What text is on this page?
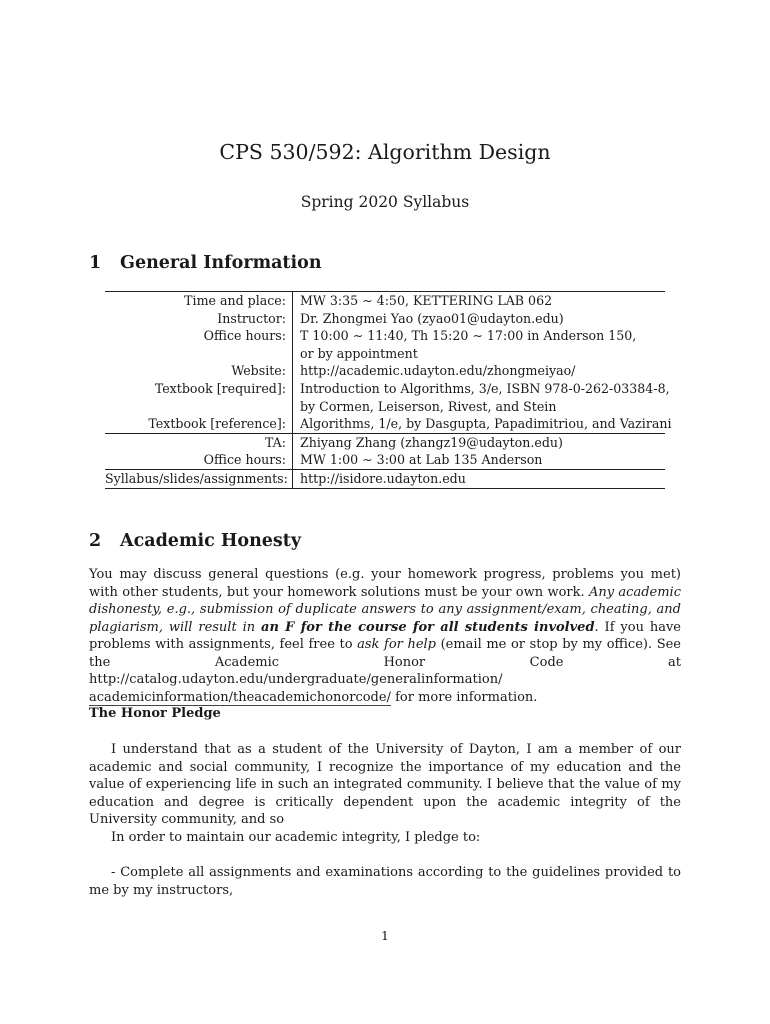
CPS 530/592: Algorithm Design
Spring 2020 Syllabus
1 General Information
Time and place:	MW 3:35 ∼ 4:50, KETTERING LAB 062
Instructor:	Dr. Zhongmei Yao (zyao01@udayton.edu)
Office hours:	T 10:00 ∼ 11:40, Th 15:20 ∼ 17:00 in Anderson 150,
or by appointment
Website:	http://academic.udayton.edu/zhongmeiyao/
Textbook [required]:	Introduction to Algorithms, 3/e, ISBN 978-0-262-03384-8,
by Cormen, Leiserson, Rivest, and Stein
Textbook [reference]:	Algorithms, 1/e, by Dasgupta, Papadimitriou, and Vazirani
TA:	Zhiyang Zhang (zhangz19@udayton.edu)
Office hours:	MW 1:00 ∼ 3:00 at Lab 135 Anderson
Syllabus/slides/assignments: http://isidore.udayton.edu
2 Academic Honesty
You may discuss general questions (e.g. your homework progress, problems you met) with other students, but your homework solutions must be your own work. Any academic dishonesty, e.g., submission of duplicate answers to any assignment/exam, cheating, and plagiarism, will result in an F for the course for all students involved. If you have problems with assignments, feel free to ask for help (email me or stop by my office). See the Academic Honor Code at http://catalog.udayton.edu/undergraduate/generalinformation/
academicinformation/theacademichonorcode/ for more information.
The Honor Pledge
I understand that as a student of the University of Dayton, I am a member of our academic and social community, I recognize the importance of my education and the value of experiencing life in such an integrated community. I believe that the value of my education and degree is critically dependent upon the academic integrity of the University community, and so
In order to maintain our academic integrity, I pledge to:
- Complete all assignments and examinations according to the guidelines provided to me by my instructors,
1
